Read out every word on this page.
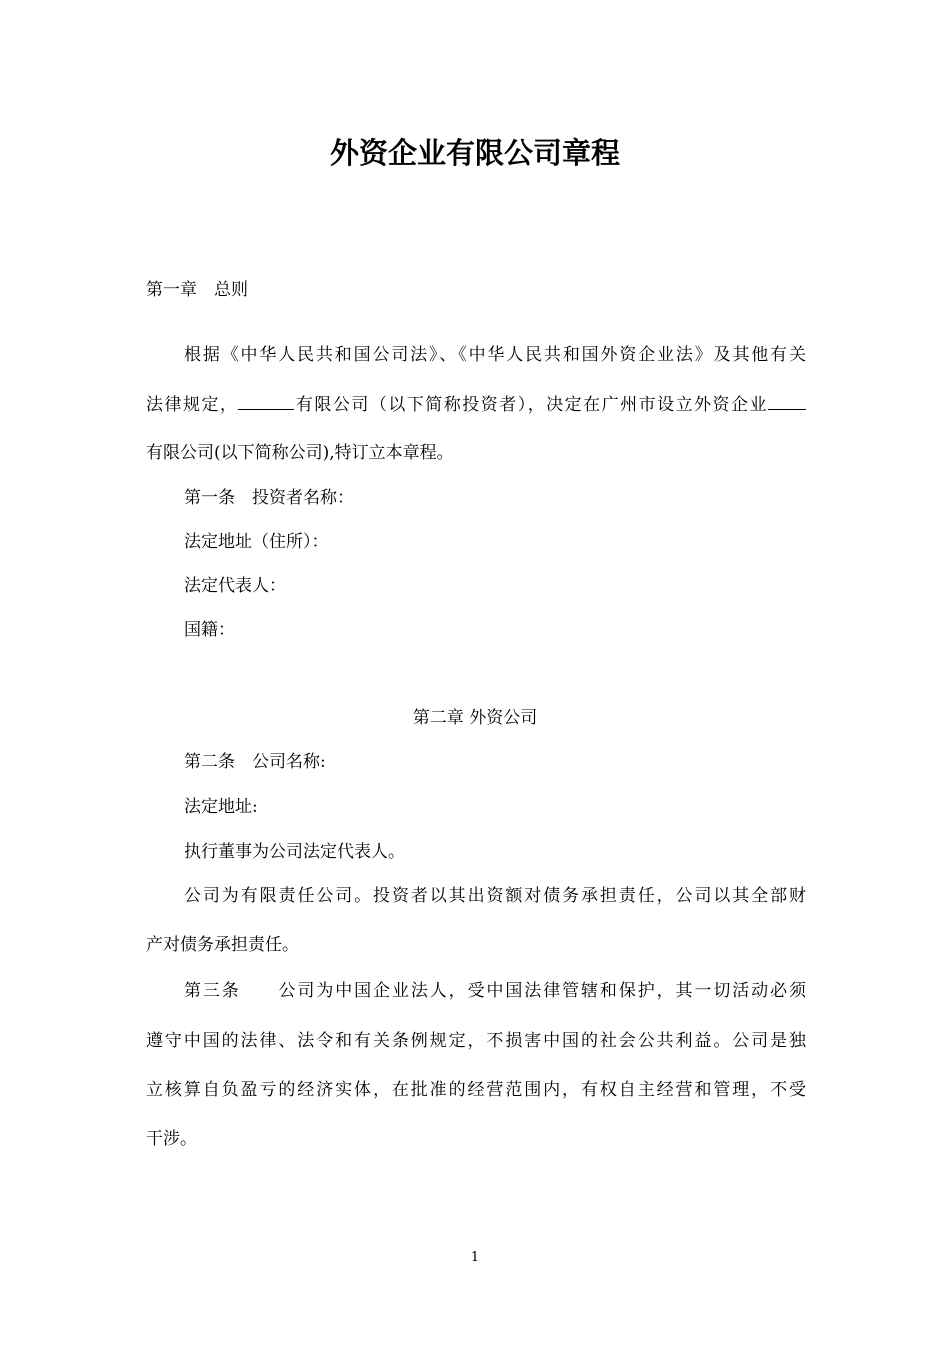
外资企业有限公司章程
第一章　总则
根据《中华人民共和国公司法》、《中华人民共和国外资企业法》及其他有关
法律规定，	有限公司（以下简称投资者），决定在广州市设立外资企业
有限公司(以下简称公司),特订立本章程。
第一条　投资者名称：
法定地址（住所）：
法定代表人：
国籍：
第二章 外资公司
第二条　公司名称:
法定地址:
执行董事为公司法定代表人。
公司为有限责任公司。投资者以其出资额对债务承担责任，公司以其全部财
产对债务承担责任。
第三条　　公司为中国企业法人，受中国法律管辖和保护，其一切活动必须
遵守中国的法律、法令和有关条例规定，不损害中国的社会公共利益。公司是独
立核算自负盈亏的经济实体，在批准的经营范围内，有权自主经营和管理，不受
干涉。
1
